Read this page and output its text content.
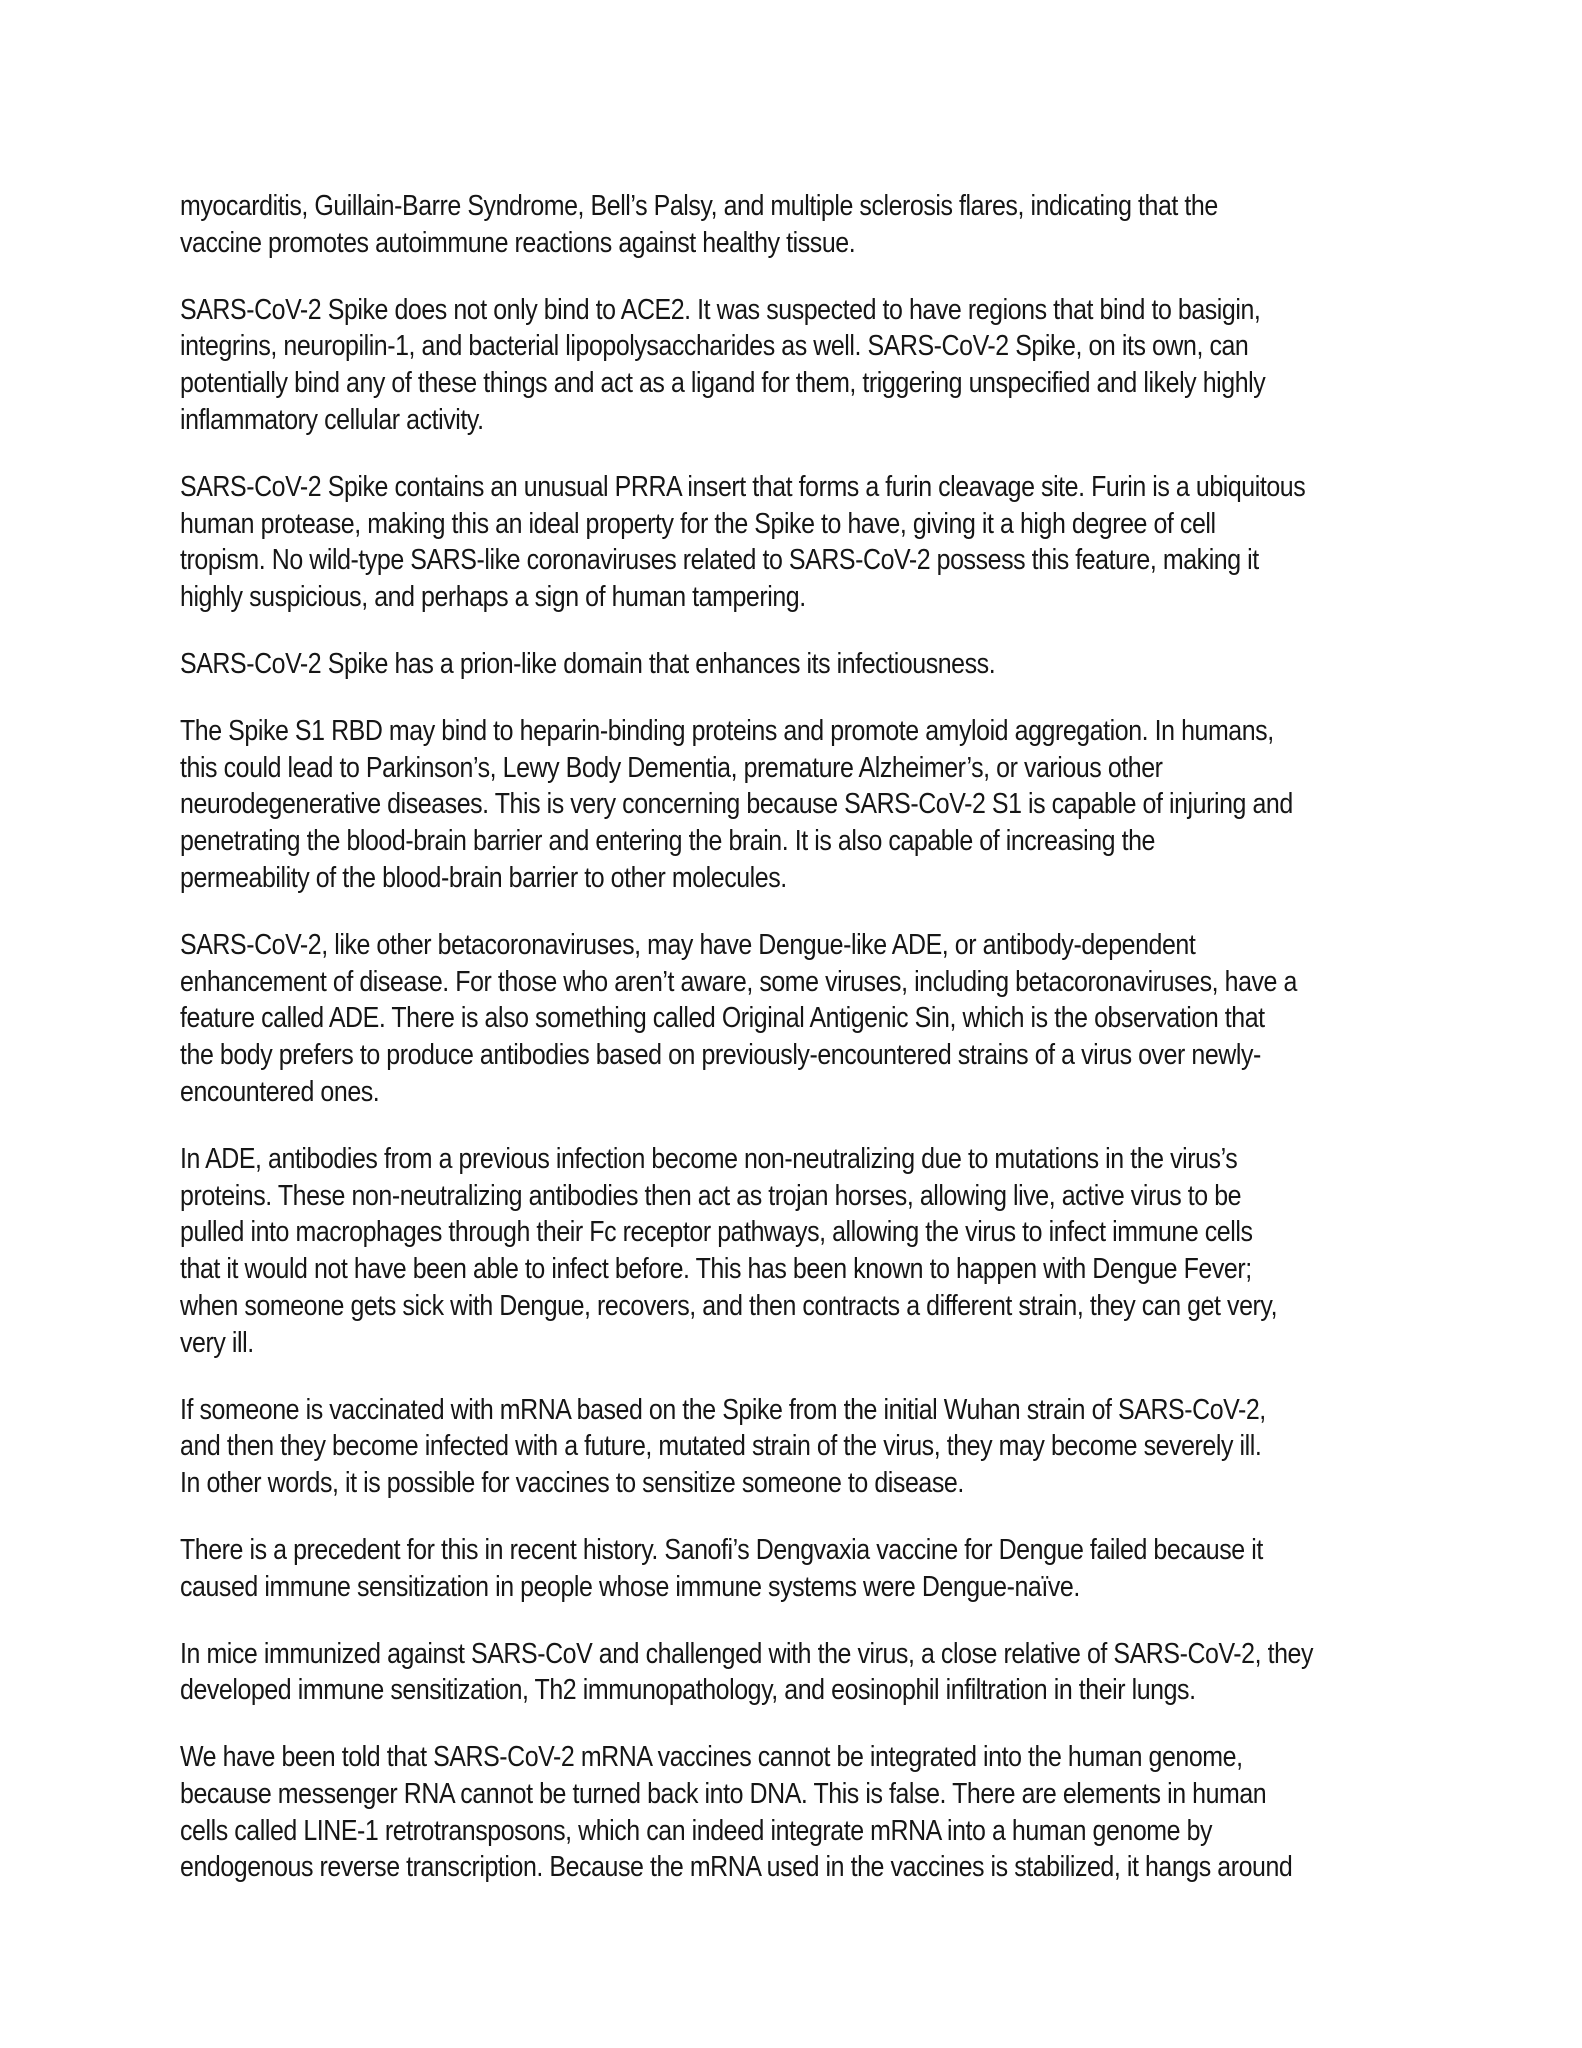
myocarditis, Guillain-Barre Syndrome, Bell’s Palsy, and multiple sclerosis flares, indicating that the
vaccine promotes autoimmune reactions against healthy tissue.
SARS-CoV-2 Spike does not only bind to ACE2. It was suspected to have regions that bind to basigin,
integrins, neuropilin-1, and bacterial lipopolysaccharides as well. SARS-CoV-2 Spike, on its own, can
potentially bind any of these things and act as a ligand for them, triggering unspecified and likely highly
inflammatory cellular activity.
SARS-CoV-2 Spike contains an unusual PRRA insert that forms a furin cleavage site. Furin is a ubiquitous
human protease, making this an ideal property for the Spike to have, giving it a high degree of cell
tropism. No wild-type SARS-like coronaviruses related to SARS-CoV-2 possess this feature, making it
highly suspicious, and perhaps a sign of human tampering.
SARS-CoV-2 Spike has a prion-like domain that enhances its infectiousness.
The Spike S1 RBD may bind to heparin-binding proteins and promote amyloid aggregation. In humans,
this could lead to Parkinson’s, Lewy Body Dementia, premature Alzheimer’s, or various other
neurodegenerative diseases. This is very concerning because SARS-CoV-2 S1 is capable of injuring and
penetrating the blood-brain barrier and entering the brain. It is also capable of increasing the
permeability of the blood-brain barrier to other molecules.
SARS-CoV-2, like other betacoronaviruses, may have Dengue-like ADE, or antibody-dependent
enhancement of disease. For those who aren’t aware, some viruses, including betacoronaviruses, have a
feature called ADE. There is also something called Original Antigenic Sin, which is the observation that
the body prefers to produce antibodies based on previously-encountered strains of a virus over newly-
encountered ones.
In ADE, antibodies from a previous infection become non-neutralizing due to mutations in the virus’s
proteins. These non-neutralizing antibodies then act as trojan horses, allowing live, active virus to be
pulled into macrophages through their Fc receptor pathways, allowing the virus to infect immune cells
that it would not have been able to infect before. This has been known to happen with Dengue Fever;
when someone gets sick with Dengue, recovers, and then contracts a different strain, they can get very,
very ill.
If someone is vaccinated with mRNA based on the Spike from the initial Wuhan strain of SARS-CoV-2,
and then they become infected with a future, mutated strain of the virus, they may become severely ill.
In other words, it is possible for vaccines to sensitize someone to disease.
There is a precedent for this in recent history. Sanofi’s Dengvaxia vaccine for Dengue failed because it
caused immune sensitization in people whose immune systems were Dengue-naïve.
In mice immunized against SARS-CoV and challenged with the virus, a close relative of SARS-CoV-2, they
developed immune sensitization, Th2 immunopathology, and eosinophil infiltration in their lungs.
We have been told that SARS-CoV-2 mRNA vaccines cannot be integrated into the human genome,
because messenger RNA cannot be turned back into DNA. This is false. There are elements in human
cells called LINE-1 retrotransposons, which can indeed integrate mRNA into a human genome by
endogenous reverse transcription. Because the mRNA used in the vaccines is stabilized, it hangs around
